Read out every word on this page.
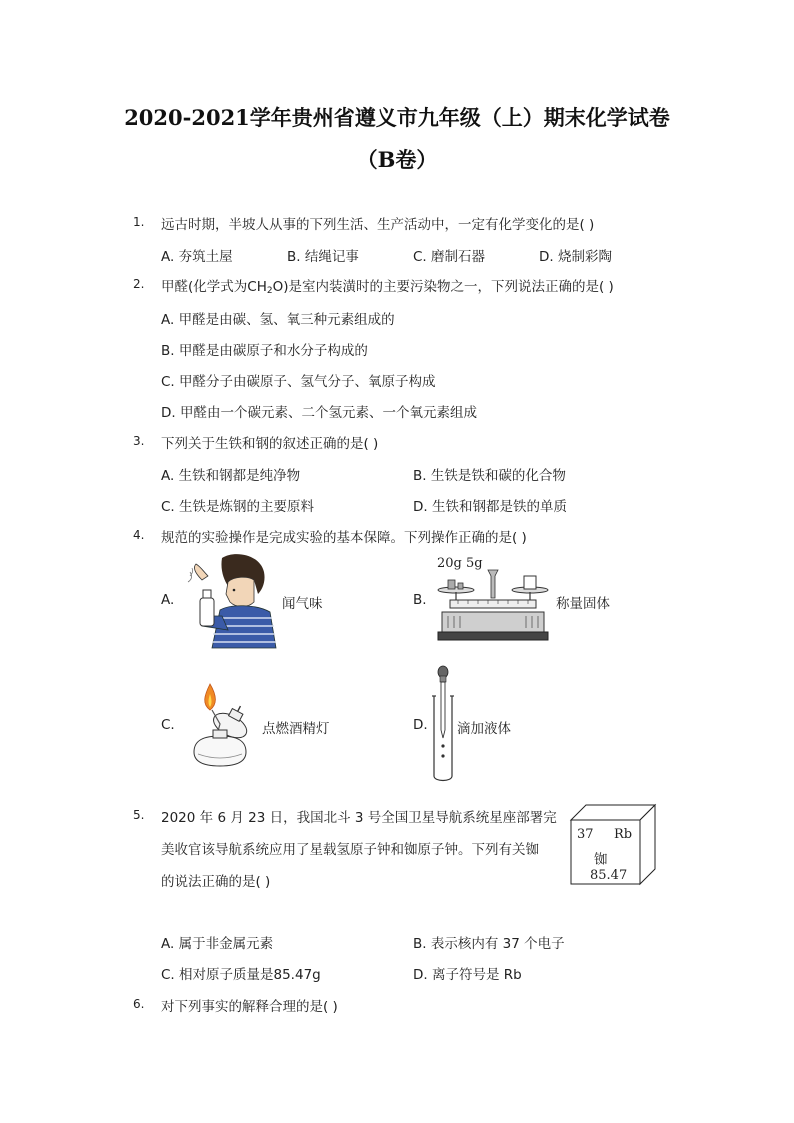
2020-2021学年贵州省遵义市九年级（上）期末化学试卷
（B卷）
1. 远古时期，半坡人从事的下列生活、生产活动中，一定有化学变化的是( )
A. 夯筑土屋	B. 结绳记事	C. 磨制石器	D. 烧制彩陶
2. 甲醛(化学式为$CH_2O$)是室内装潢时的主要污染物之一，下列说法正确的是( )
A. 甲醛是由碳、氢、氧三种元素组成的
B. 甲醛是由碳原子和水分子构成的
C. 甲醛分子由碳原子、氢气分子、氧原子构成
D. 甲醛由一个碳元素、二个氢元素、一个氧元素组成
3. 下列关于生铁和钢的叙述正确的是( )
A. 生铁和钢都是纯净物	B. 生铁是铁和碳的化合物
C. 生铁是炼钢的主要原料	D. 生铁和钢都是铁的单质
4. 规范的实验操作是完成实验的基本保障。下列操作正确的是( )
A.	闻气味	B.
20g 5g
称量固体
C.	点燃酒精灯	D. 滴加液体
5. 2020 年 6 月 23 日，我国北斗 3 号全国卫星导航系统星座部署完
美收官该导航系统应用了星载氢原子钟和铷原子钟。下列有关铷
的说法正确的是( )
37 Rb
铷
85.47
A. 属于非金属元素	B. 表示核内有 37 个电子
C. 相对原子质量是85.47g	D. 离子符号是 Rb
6. 对下列事实的解释合理的是( )
